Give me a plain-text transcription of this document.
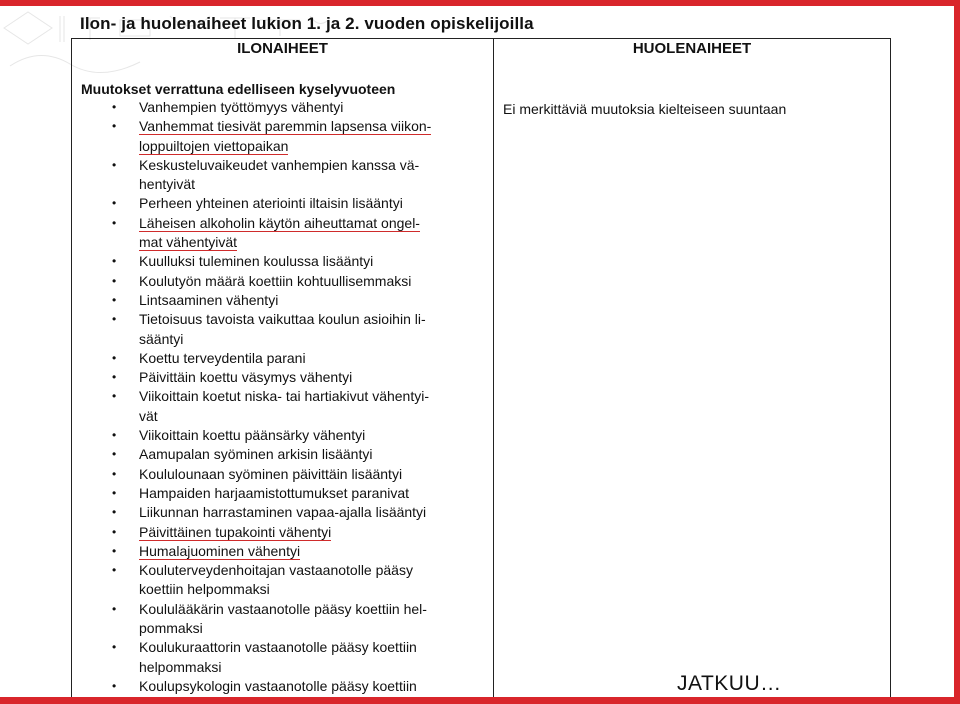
Ilon- ja huolenaiheet lukion 1. ja 2. vuoden opiskelijoilla
ILONAIHEET	HUOLENAIHEET
Muutokset verrattuna edelliseen kyselyvuoteen
Ei merkittäviä muutoksia kielteiseen suuntaan
• Vanhempien työttömyys vähentyi
• Vanhemmat tiesivät paremmin lapsensa viikon-
loppuiltojen viettopaikan
• Keskusteluvaikeudet vanhempien kanssa vä-
hentyivät
• Perheen yhteinen ateriointi iltaisin lisääntyi
• Läheisen alkoholin käytön aiheuttamat ongel-
mat vähentyivät
• Kuulluksi tuleminen koulussa lisääntyi
• Koulutyön määrä koettiin kohtuullisemmaksi
• Lintsaaminen vähentyi
• Tietoisuus tavoista vaikuttaa koulun asioihin li-
sääntyi
• Koettu terveydentila parani
• Päivittäin koettu väsymys vähentyi
• Viikoittain koetut niska- tai hartiakivut vähentyi-
vät
• Viikoittain koettu päänsärky vähentyi
• Aamupalan syöminen arkisin lisääntyi
• Koululounaan syöminen päivittäin lisääntyi
• Hampaiden harjaamistottumukset paranivat
• Liikunnan harrastaminen vapaa-ajalla lisääntyi
• Päivittäinen tupakointi vähentyi
• Humalajuominen vähentyi
• Kouluterveydenhoitajan vastaanotolle pääsy
koettiin helpommaksi
• Koululääkärin vastaanotolle pääsy koettiin hel-
pommaksi
• Koulukuraattorin vastaanotolle pääsy koettiin
helpommaksi
• Koulupsykologin vastaanotolle pääsy koettiin	JATKUU…
